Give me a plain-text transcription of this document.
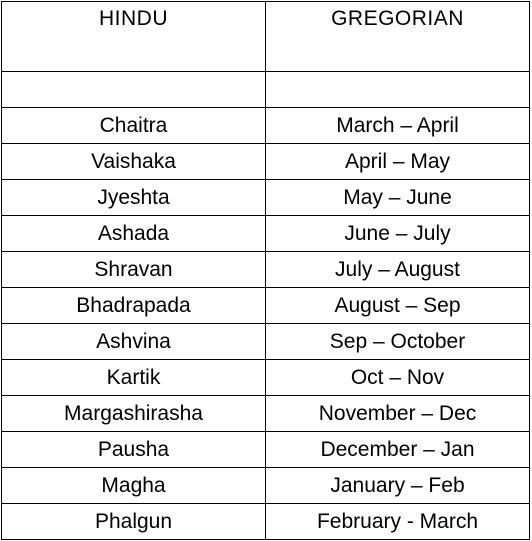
HINDU	GREGORIAN

Chaitra	March – April
Vaishaka	April – May
Jyeshta	May – June
Ashada	June – July
Shravan	July – August
Bhadrapada	August – Sep
Ashvina	Sep – October
Kartik	Oct – Nov
Margashirasha	November – Dec
Pausha	December – Jan
Magha	January – Feb
Phalgun	February - March
